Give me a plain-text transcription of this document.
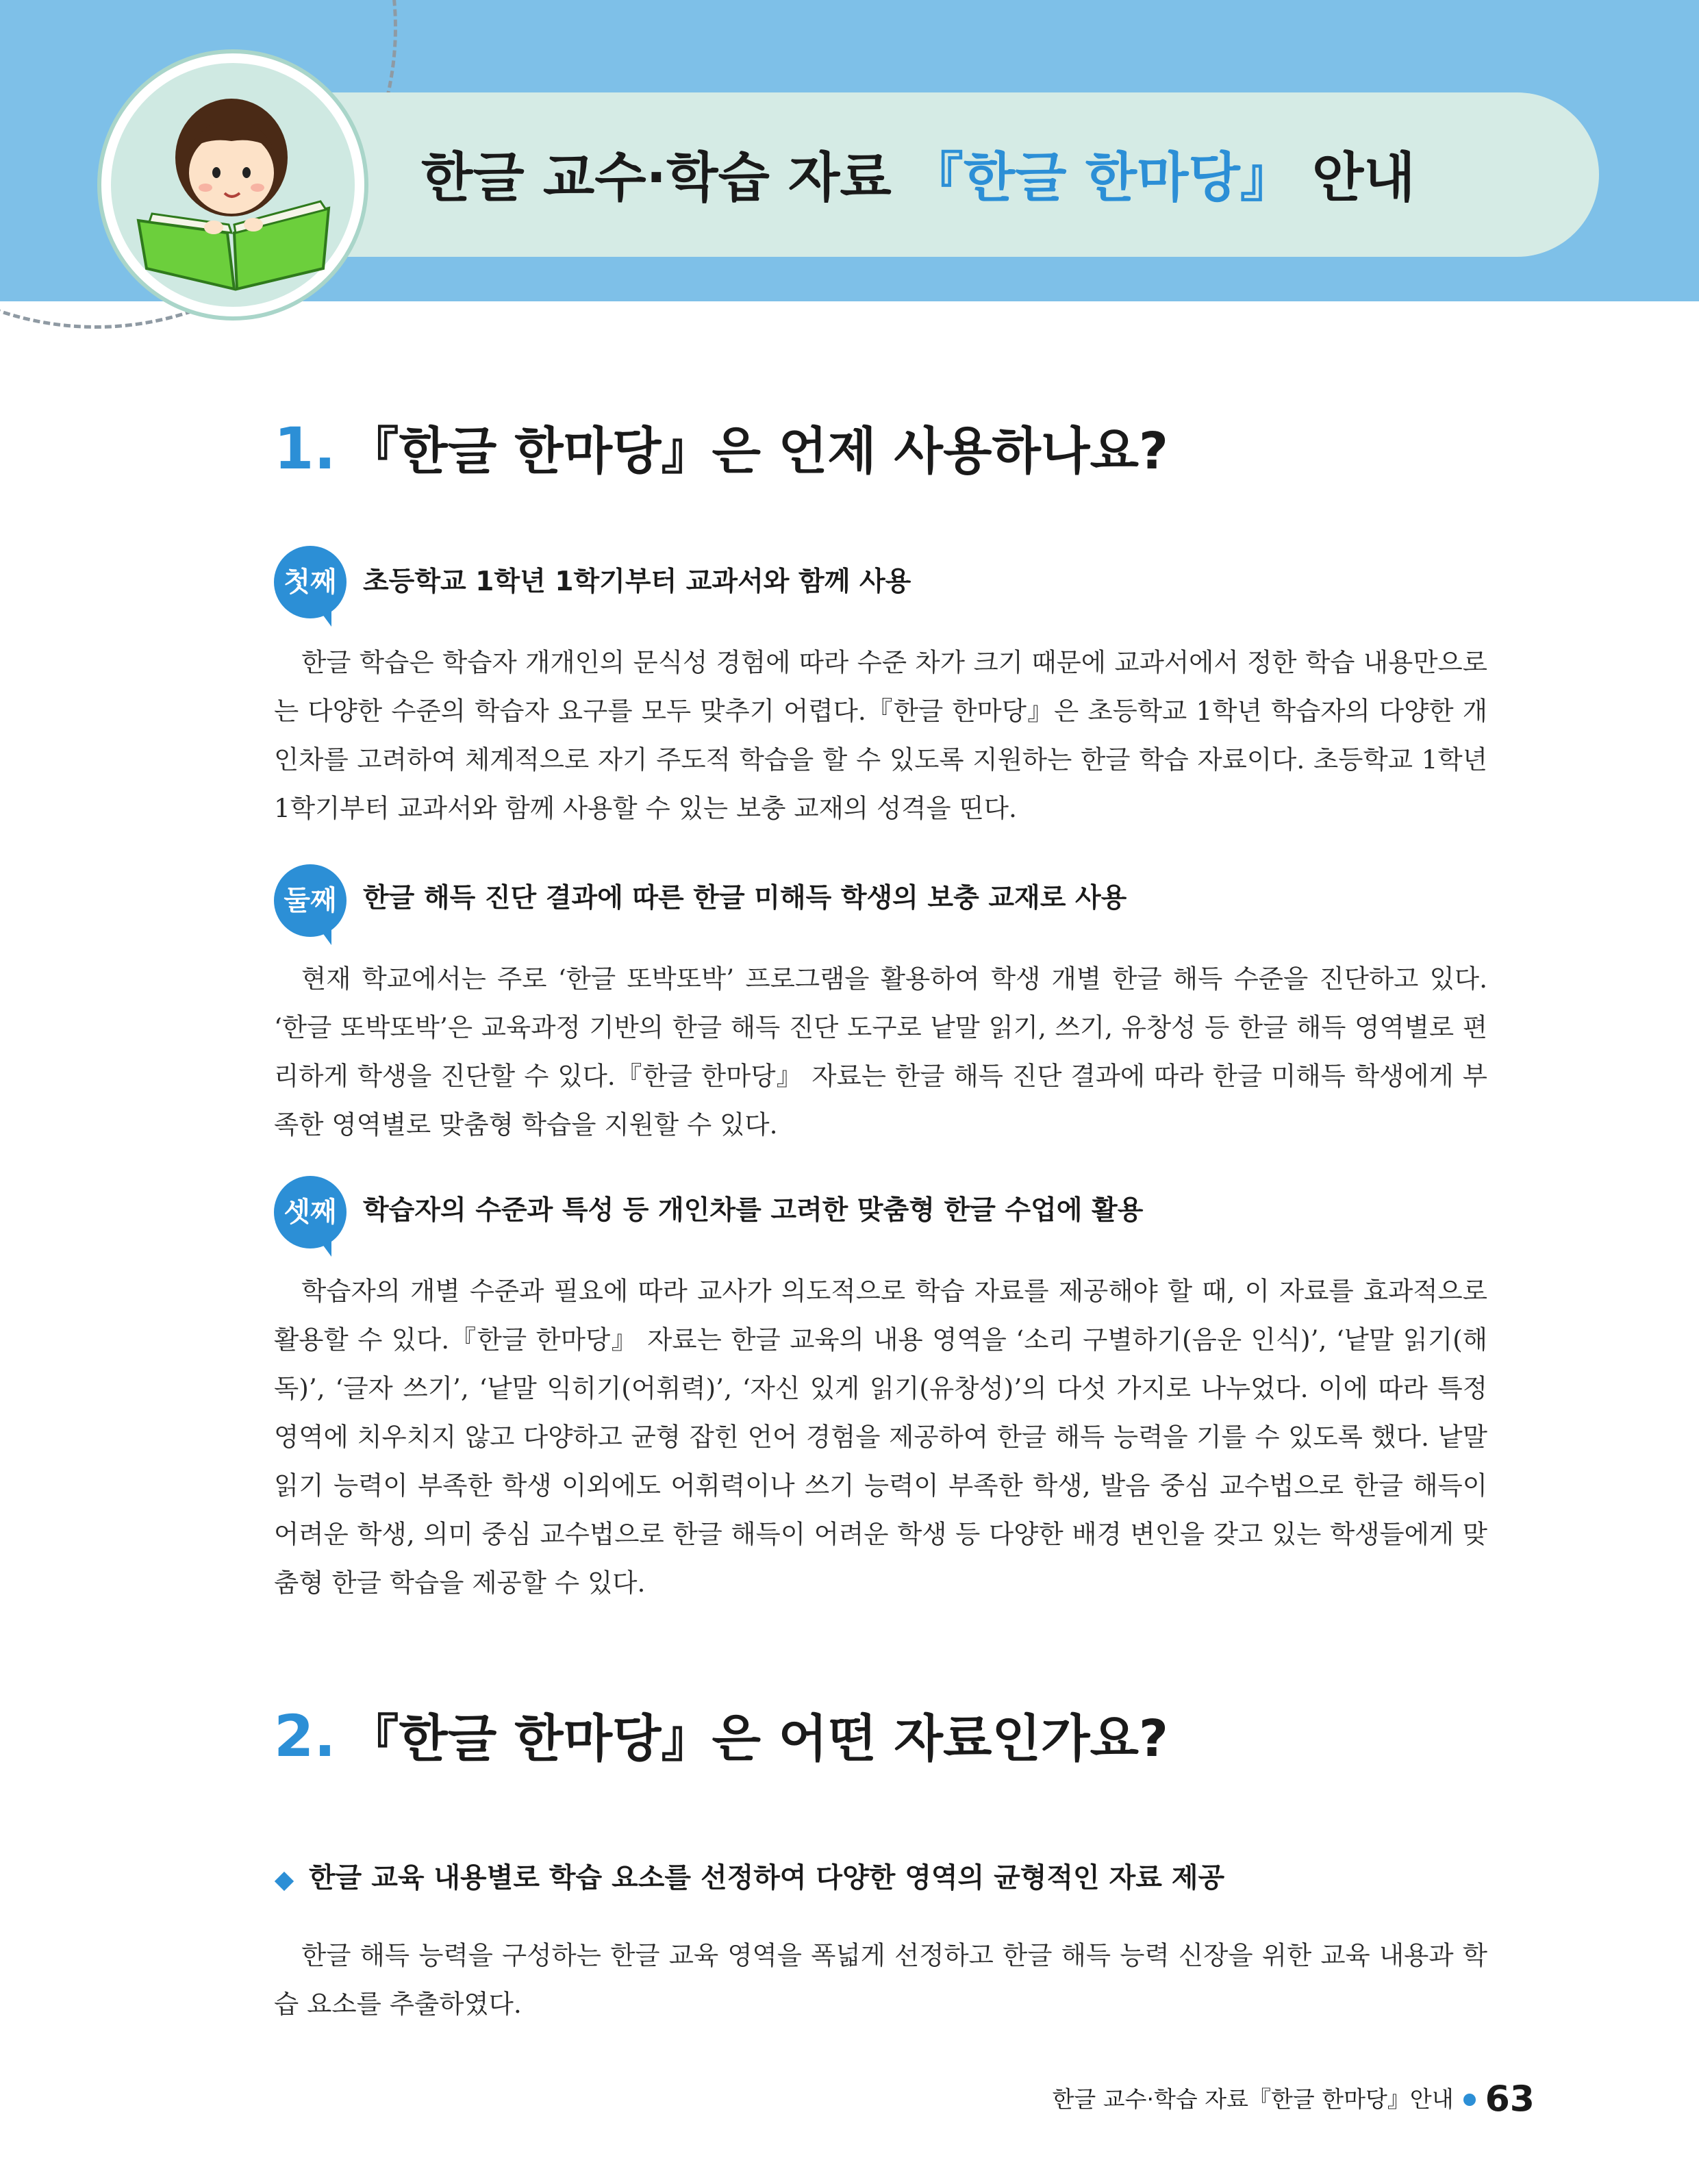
한글 교수·학습 자료 『한글 한마당』 안내
1. 『한글 한마당』은 언제 사용하나요?
첫째 초등학교 1학년 1학기부터 교과서와 함께 사용

한글 학습은 학습자 개개인의 문식성 경험에 따라 수준 차가 크기 때문에 교과서에서 정한 학습 내용만으로는 다양한 수준의 학습자 요구를 모두 맞추기 어렵다.『한글 한마당』은 초등학교 1학년 학습자의 다양한 개인차를 고려하여 체계적으로 자기 주도적 학습을 할 수 있도록 지원하는 한글 학습 자료이다. 초등학교 1학년 1학기부터 교과서와 함께 사용할 수 있는 보충 교재의 성격을 띤다.

둘째 한글 해득 진단 결과에 따른 한글 미해득 학생의 보충 교재로 사용

현재 학교에서는 주로 ‘한글 또박또박’ 프로그램을 활용하여 학생 개별 한글 해득 수준을 진단하고 있다. ‘한글 또박또박’은 교육과정 기반의 한글 해득 진단 도구로 낱말 읽기, 쓰기, 유창성 등 한글 해득 영역별로 편리하게 학생을 진단할 수 있다.『한글 한마당』 자료는 한글 해득 진단 결과에 따라 한글 미해득 학생에게 부족한 영역별로 맞춤형 학습을 지원할 수 있다.

셋째 학습자의 수준과 특성 등 개인차를 고려한 맞춤형 한글 수업에 활용

학습자의 개별 수준과 필요에 따라 교사가 의도적으로 학습 자료를 제공해야 할 때, 이 자료를 효과적으로 활용할 수 있다.『한글 한마당』 자료는 한글 교육의 내용 영역을 ‘소리 구별하기(음운 인식)’, ‘낱말 읽기(해독)’, ‘글자 쓰기’, ‘낱말 익히기(어휘력)’, ‘자신 있게 읽기(유창성)’의 다섯 가지로 나누었다. 이에 따라 특정 영역에 치우치지 않고 다양하고 균형 잡힌 언어 경험을 제공하여 한글 해득 능력을 기를 수 있도록 했다. 낱말 읽기 능력이 부족한 학생 이외에도 어휘력이나 쓰기 능력이 부족한 학생, 발음 중심 교수법으로 한글 해득이 어려운 학생, 의미 중심 교수법으로 한글 해득이 어려운 학생 등 다양한 배경 변인을 갖고 있는 학생들에게 맞춤형 한글 학습을 제공할 수 있다.

2. 『한글 한마당』은 어떤 자료인가요?
한글 교육 내용별로 학습 요소를 선정하여 다양한 영역의 균형적인 자료 제공

한글 해득 능력을 구성하는 한글 교육 영역을 폭넓게 선정하고 한글 해득 능력 신장을 위한 교육 내용과 학습 요소를 추출하였다.

한글 교수·학습 자료『한글 한마당』안내 63
